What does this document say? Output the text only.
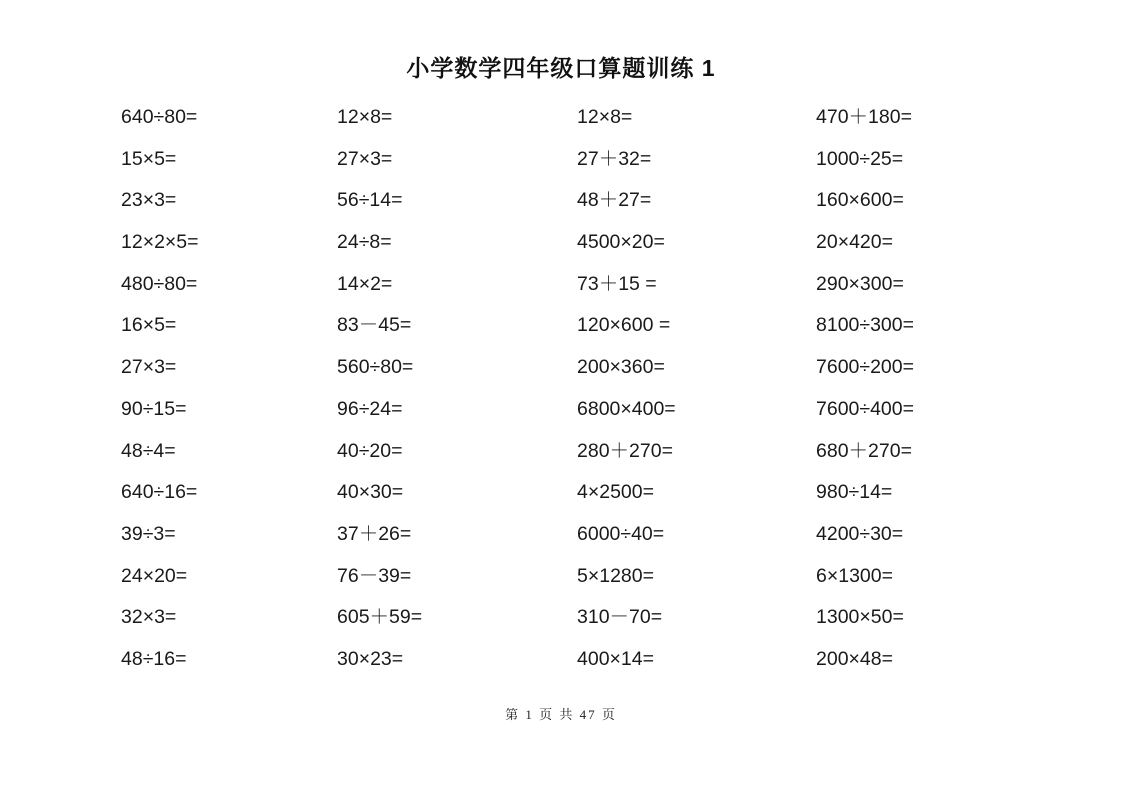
小学数学四年级口算题训练 1
640÷80=
15×5=
23×3=
12×2×5=
480÷80=
16×5=
27×3=
90÷15=
48÷4=
640÷16=
39÷3=
24×20=
32×3=
48÷16=
12×8=
27×3=
56÷14=
24÷8=
14×2=
83－45=
560÷80=
96÷24=
40÷20=
40×30=
37＋26=
76－39=
605＋59=
30×23=
12×8=
27＋32=
48＋27=
4500×20=
73＋15 =
120×600 =
200×360=
6800×400=
280＋270=
4×2500=
6000÷40=
5×1280=
310－70=
400×14=
470＋180=
1000÷25=
160×600=
20×420=
290×300=
8100÷300=
7600÷200=
7600÷400=
680＋270=
980÷14=
4200÷30=
6×1300=
1300×50=
200×48=
第 1 页 共 47 页
